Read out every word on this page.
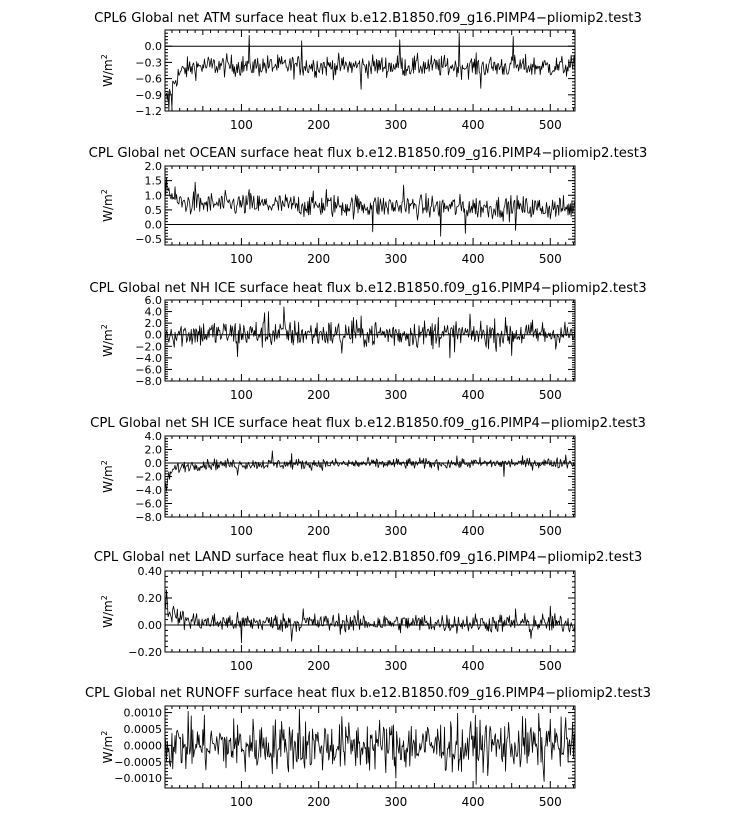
CPL6 Global net ATM surface heat flux b.e12.B1850.f09_g16.PIMP4−pliomip2.test3
0.0
−0.3
−0.6
−0.9
−1.2
100	200	300	400	500
$W/m^2$
CPL Global net OCEAN surface heat flux b.e12.B1850.f09_g16.PIMP4−pliomip2.test3
2.0
1.5
1.0
0.5
0.0
−0.5
100	200	300	400	500
$W/m^2$
CPL Global net NH ICE surface heat flux b.e12.B1850.f09_g16.PIMP4−pliomip2.test3
6.0
4.0
2.0
0.0
−2.0
−4.0
−6.0
−8.0
100	200	300	400	500
$W/m^2$
CPL Global net SH ICE surface heat flux b.e12.B1850.f09_g16.PIMP4−pliomip2.test3
4.0
2.0
0.0
−2.0
−4.0
−6.0
−8.0
100	200	300	400	500
$W/m^2$
CPL Global net LAND surface heat flux b.e12.B1850.f09_g16.PIMP4−pliomip2.test3
0.40
0.20
0.00
−0.20
100	200	300	400	500
$W/m^2$
CPL Global net RUNOFF surface heat flux b.e12.B1850.f09_g16.PIMP4−pliomip2.test3
0.0010
0.0005
0.0000
−0.0005
−0.0010
100	200	300	400	500
$W/m^2$
